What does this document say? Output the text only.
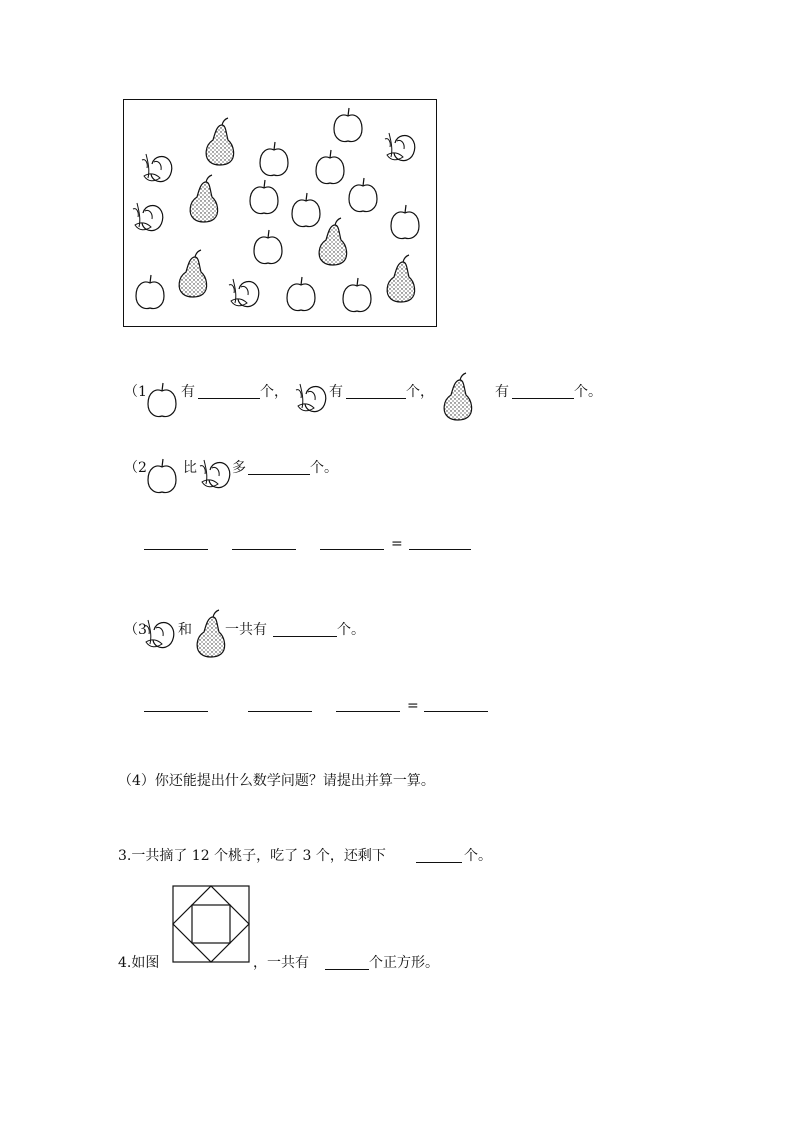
（1 有	个，	有	个，	有	个。
（2	比	多	个。
=
（3 和 一共有	个。
=
（4）你还能提出什么数学问题？请提出并算一算。
3.一共摘了 12 个桃子，吃了 3 个，还剩下	个。
4.如图	，一共有	个正方形。
